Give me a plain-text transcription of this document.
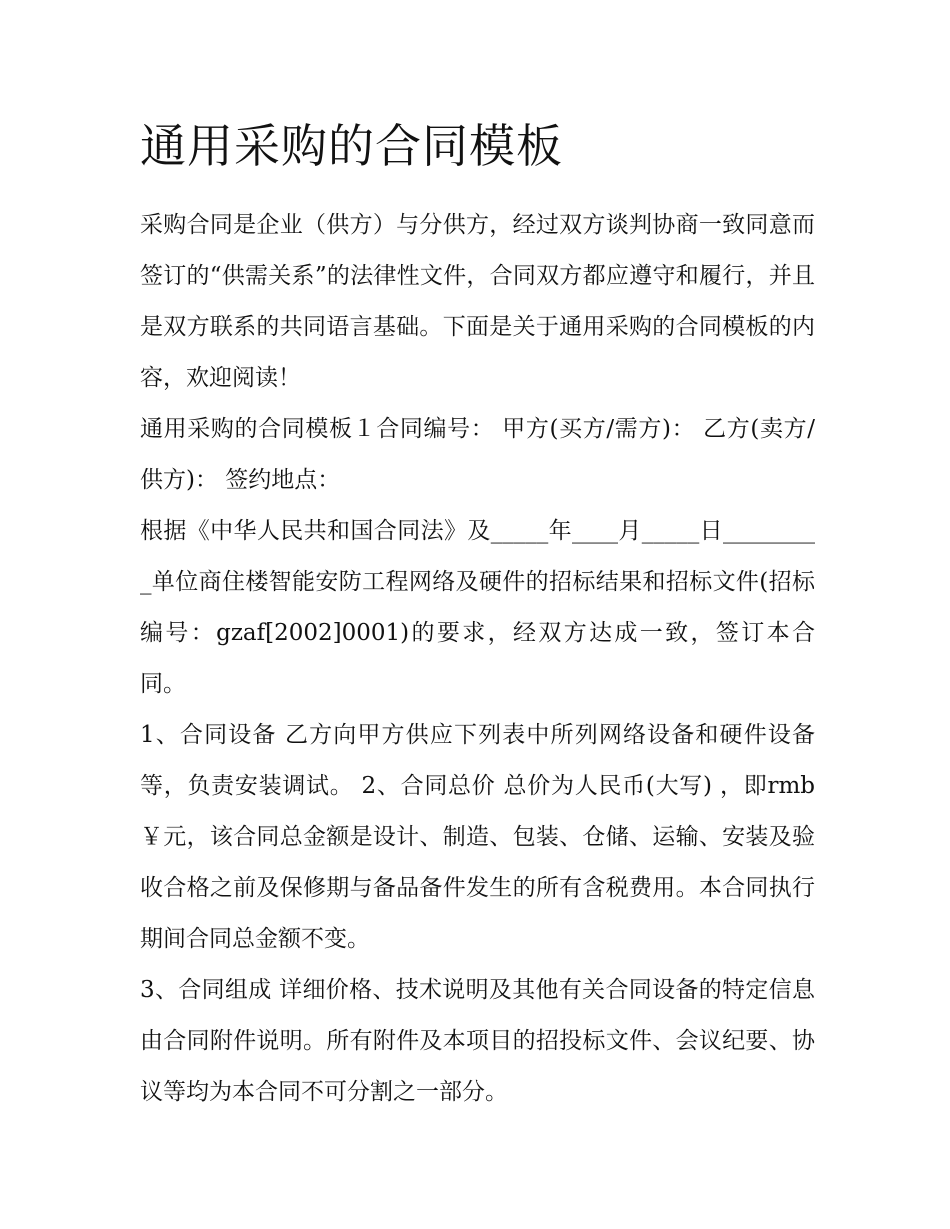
通用采购的合同模板

采购合同是企业（供方）与分供方，经过双方谈判协商一致同意而签订的“供需关系”的法律性文件，合同双方都应遵守和履行，并且是双方联系的共同语言基础。下面是关于通用采购的合同模板的内容，欢迎阅读！

通用采购的合同模板１合同编号： 甲方(买方/需方)： 乙方(卖方/供方)： 签约地点：

根据《中华人民共和国合同法》及_____年____月_____日_________单位商住楼智能安防工程网络及硬件的招标结果和招标文件(招标编号：gzaf[2002]0001)的要求，经双方达成一致，签订本合同。

1、合同设备 乙方向甲方供应下列表中所列网络设备和硬件设备等，负责安装调试。 2、合同总价 总价为人民币(大写) ，即rmb￥元，该合同总金额是设计、制造、包装、仓储、运输、安装及验收合格之前及保修期与备品备件发生的所有含税费用。本合同执行期间合同总金额不变。

3、合同组成 详细价格、技术说明及其他有关合同设备的特定信息由合同附件说明。所有附件及本项目的招投标文件、会议纪要、协议等均为本合同不可分割之一部分。
